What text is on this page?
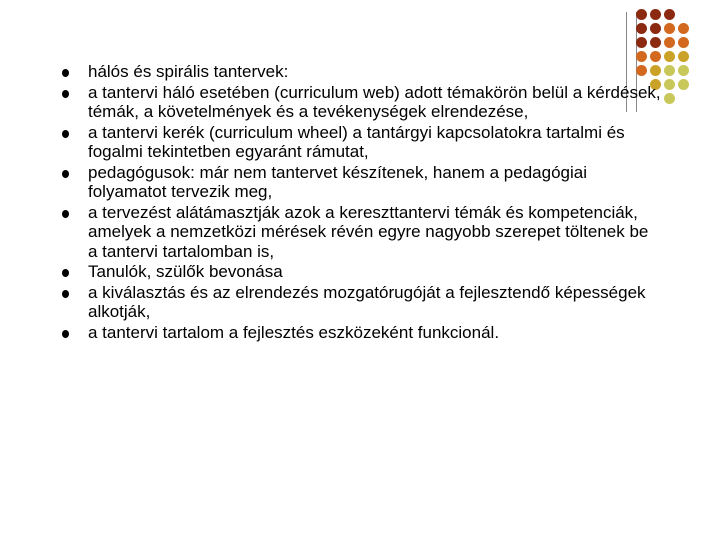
hálós és spirális tantervek:
a tantervi háló esetében (curriculum web) adott témakörön belül a kérdések, témák, a követelmények és a tevékenységek elrendezése,
a tantervi kerék (curriculum wheel) a tantárgyi kapcsolatokra tartalmi és fogalmi tekintetben egyaránt rámutat,
pedagógusok: már nem tantervet készítenek, hanem a pedagógiai folyamatot tervezik meg,
a tervezést alátámasztják azok a kereszttantervi témák és kompetenciák, amelyek a nemzetközi mérések révén egyre nagyobb szerepet töltenek be a tantervi tartalomban is,
Tanulók, szülők bevonása
a kiválasztás és az elrendezés mozgatórugóját a fejlesztendő képességek alkotják,
a tantervi tartalom a fejlesztés eszközeként funkcionál.
